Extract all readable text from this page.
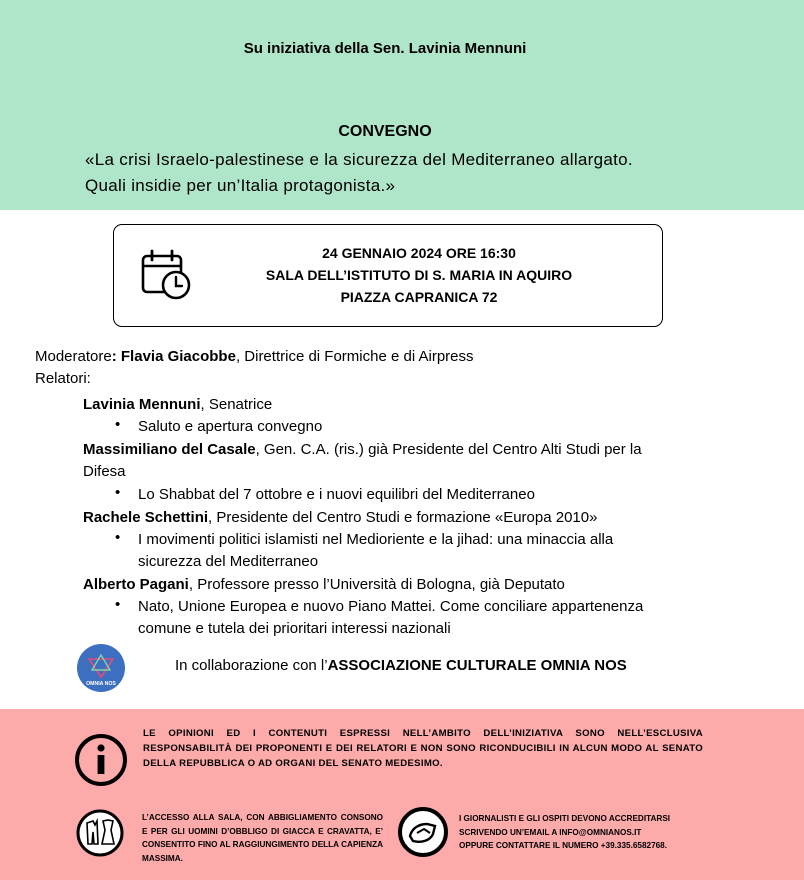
Su iniziativa della Sen. Lavinia Mennuni
CONVEGNO
«La crisi Israelo-palestinese e la sicurezza del Mediterraneo allargato.
Quali insidie per un’Italia protagonista.»
24 GENNAIO 2024 ORE 16:30
SALA DELL’ISTITUTO DI S. MARIA IN AQUIRO
PIAZZA CAPRANICA 72
Moderatore: Flavia Giacobbe, Direttrice di Formiche e di Airpress
Relatori:
Lavinia Mennuni, Senatrice
• Saluto e apertura convegno
Massimiliano del Casale, Gen. C.A. (ris.) già Presidente del Centro Alti Studi per la
Difesa
• Lo Shabbat del 7 ottobre e i nuovi equilibri del Mediterraneo
Rachele Schettini, Presidente del Centro Studi e formazione «Europa 2010»
• I movimenti politici islamisti nel Medioriente e la jihad: una minaccia alla
sicurezza del Mediterraneo
Alberto Pagani, Professore presso l’Università di Bologna, già Deputato
• Nato, Unione Europea e nuovo Piano Mattei. Come conciliare appartenenza
comune e tutela dei prioritari interessi nazionali
OMNIA NOS
In collaborazione con l’ASSOCIAZIONE CULTURALE OMNIA NOS
LE OPINIONI ED I CONTENUTI ESPRESSI NELL’AMBITO DELL’INIZIATIVA SONO NELL’ESCLUSIVA RESPONSABILITÀ DEI PROPONENTI E DEI RELATORI E NON SONO RICONDUCIBILI IN ALCUN MODO AL SENATO DELLA REPUBBLICA O AD ORGANI DEL SENATO MEDESIMO.
L’ACCESSO ALLA SALA, CON ABBIGLIAMENTO CONSONO E PER GLI UOMINI D’OBBLIGO DI GIACCA E CRAVATTA, E’ CONSENTITO FINO AL RAGGIUNGIMENTO DELLA CAPIENZA MASSIMA.
I GIORNALISTI E GLI OSPITI DEVONO ACCREDITARSI
SCRIVENDO UN’EMAIL A INFO@OMNIANOS.IT
OPPURE CONTATTARE IL NUMERO +39.335.6582768.
